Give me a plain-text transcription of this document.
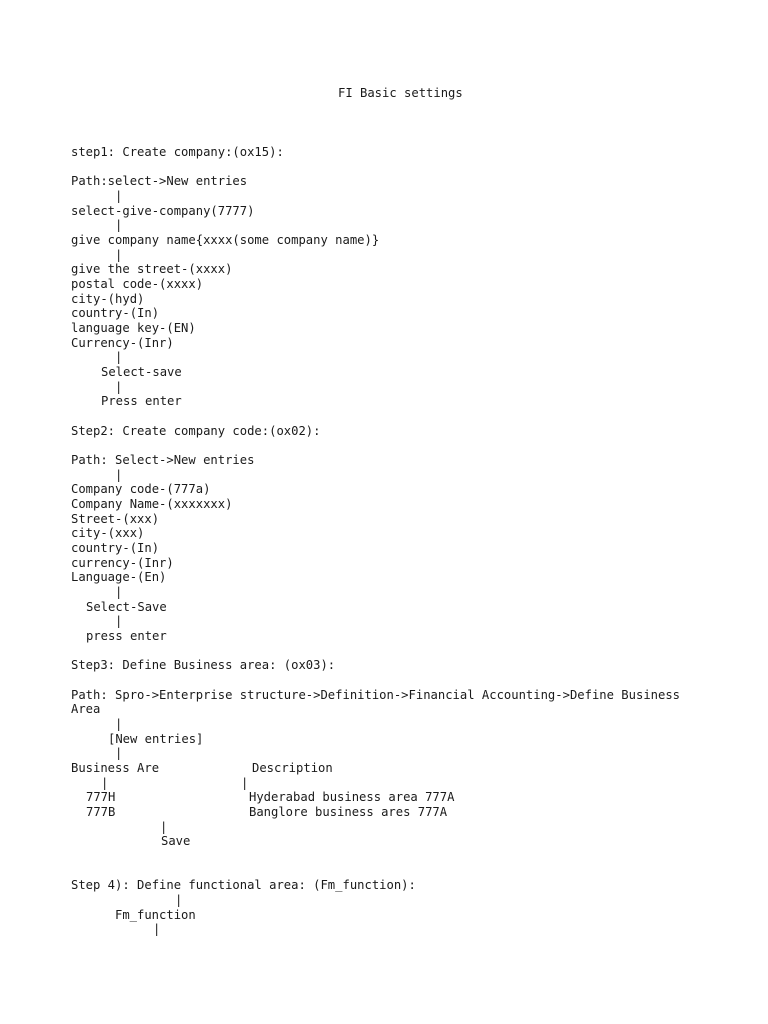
FI Basic settings
step1: Create company:(ox15):
Path:select->New entries
|
select-give-company(7777)
|
give company name{xxxx(some company name)}
|
give the street-(xxxx)
postal code-(xxxx)
city-(hyd)
country-(In)
language key-(EN)
Currency-(Inr)
|
Select-save
|
Press enter
Step2: Create company code:(ox02):
Path: Select->New entries
|
Company code-(777a)
Company Name-(xxxxxxx)
Street-(xxx)
city-(xxx)
country-(In)
currency-(Inr)
Language-(En)
|
Select-Save
|
press enter
Step3: Define Business area: (ox03):
Path: Spro->Enterprise structure->Definition->Financial Accounting->Define Business
Area
|
[New entries]
|
Business Are	Description
|	|
777H	Hyderabad business area 777A
777B	Banglore business ares 777A
|
Save
Step 4): Define functional area: (Fm_function):
|
Fm_function
|
